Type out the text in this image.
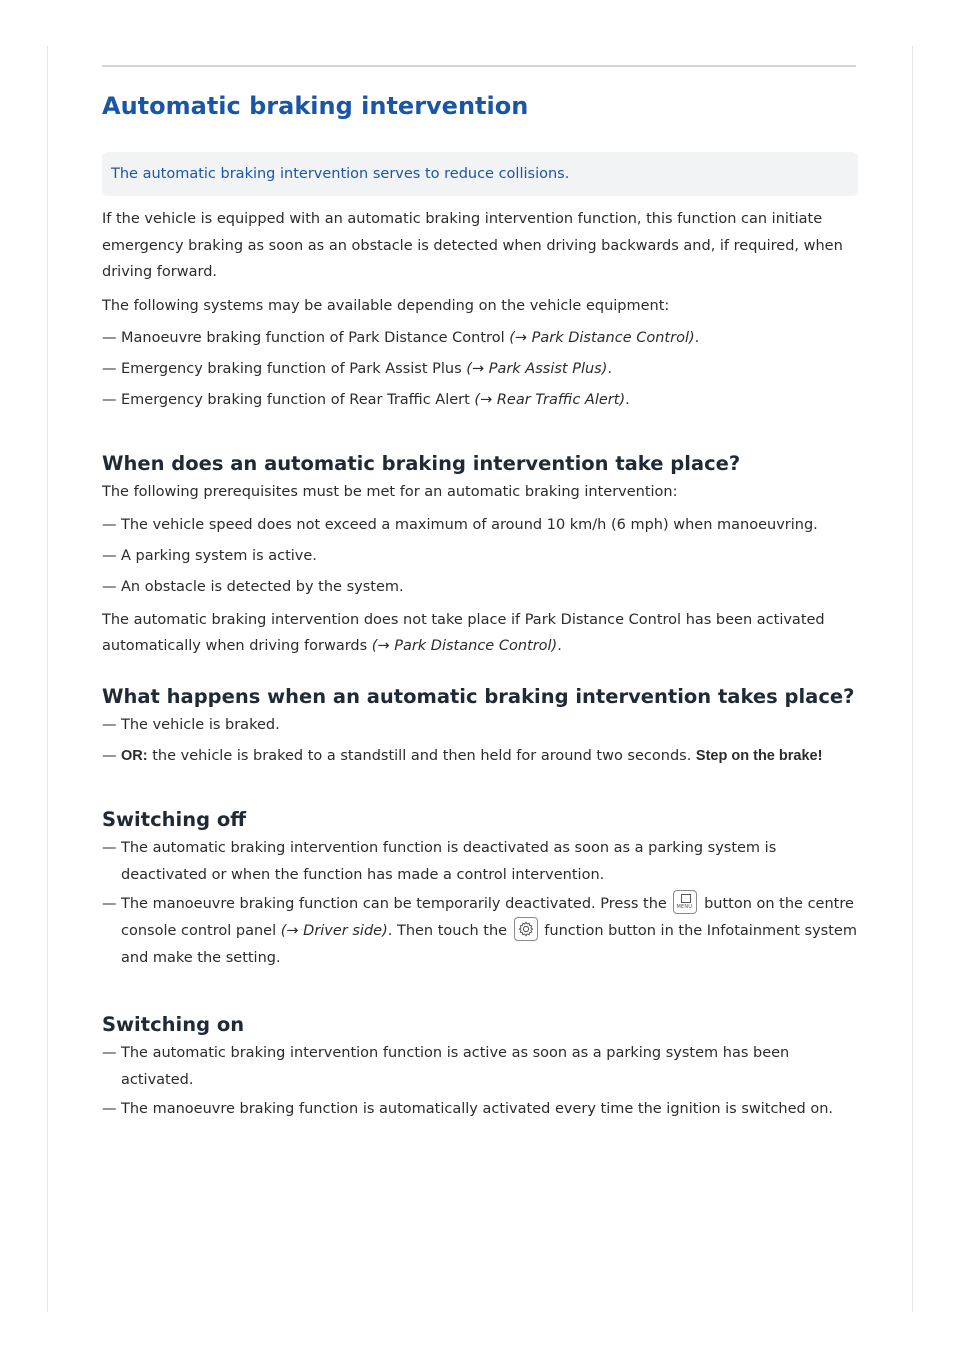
Automatic braking intervention
The automatic braking intervention serves to reduce collisions.

If the vehicle is equipped with an automatic braking intervention function, this function can initiate emergency braking as soon as an obstacle is detected when driving backwards and, if required, when driving forward.

The following systems may be available depending on the vehicle equipment:

— Manoeuvre braking function of Park Distance Control (→ Park Distance Control).
— Emergency braking function of Park Assist Plus (→ Park Assist Plus).
— Emergency braking function of Rear Traffic Alert (→ Rear Traffic Alert).
When does an automatic braking intervention take place?

The following prerequisites must be met for an automatic braking intervention:

— The vehicle speed does not exceed a maximum of around 10 km/h (6 mph) when manoeuvring.
— A parking system is active.
— An obstacle is detected by the system.

The automatic braking intervention does not take place if Park Distance Control has been activated automatically when driving forwards (→ Park Distance Control).

What happens when an automatic braking intervention takes place?
— The vehicle is braked.
— OR: the vehicle is braked to a standstill and then held for around two seconds. Step on the brake!
Switching off
— The automatic braking intervention function is deactivated as soon as a parking system is deactivated or when the function has made a control intervention.
— The manoeuvre braking function can be temporarily deactivated. Press the MENU button on the centre console control panel (→ Driver side). Then touch the
function button in the Infotainment system and make the setting.
Switching on
— The automatic braking intervention function is active as soon as a parking system has been activated.
— The manoeuvre braking function is automatically activated every time the ignition is switched on.
